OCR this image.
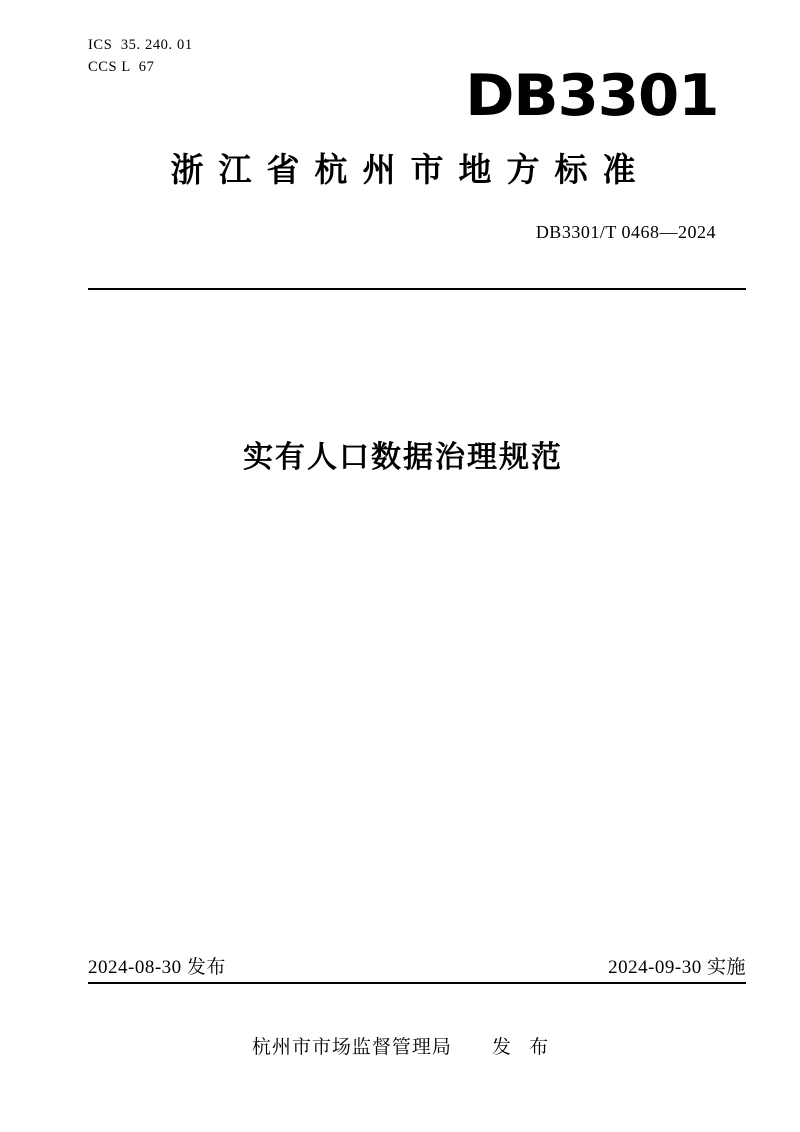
ICS  35. 240. 01
CCS L  67	DB3301
浙江省杭州市地方标准
DB3301/T 0468—2024
实有人口数据治理规范
2024-08-30 发布	2024-09-30 实施
杭州市市场监督管理局 发 布
